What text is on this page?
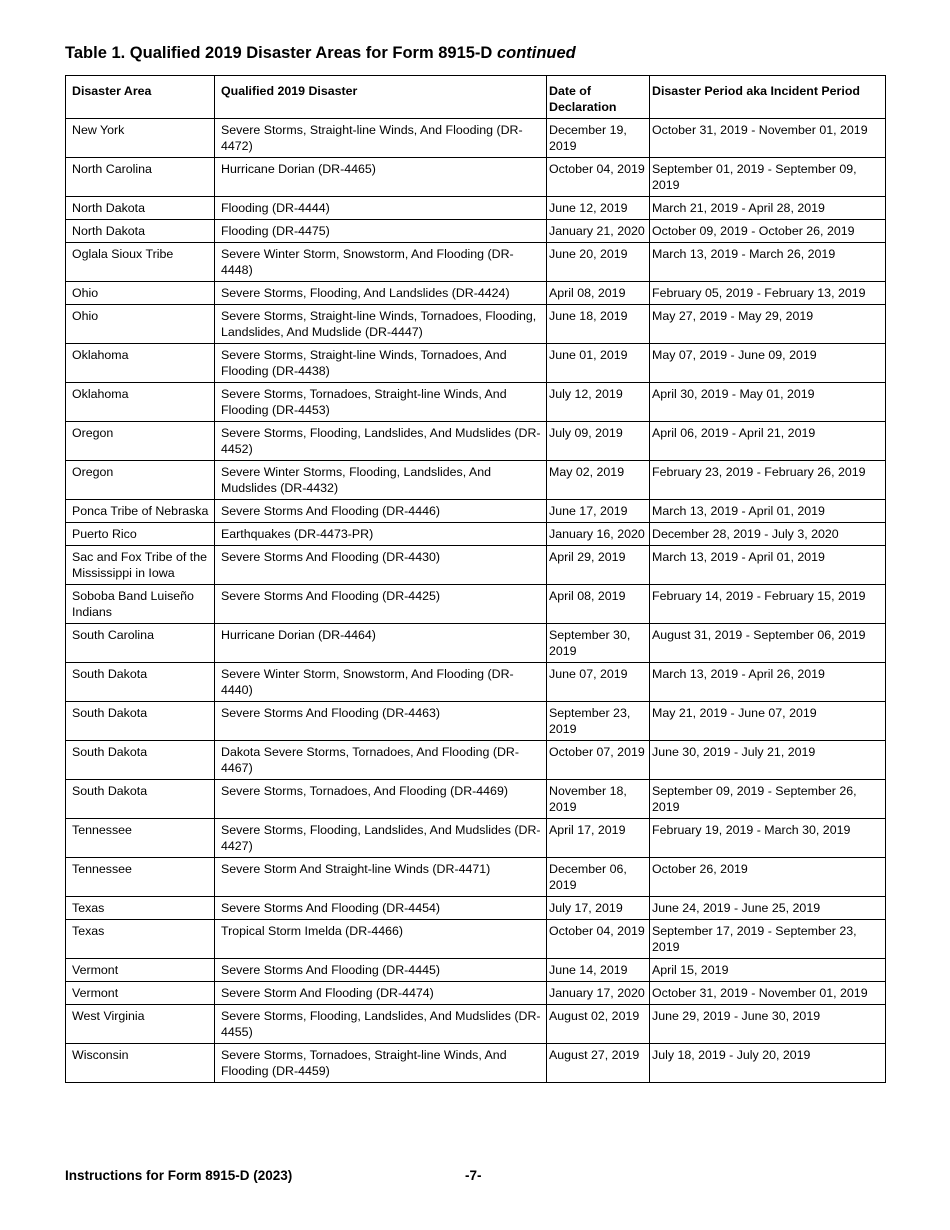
Table 1. Qualified 2019 Disaster Areas for Form 8915-D continued
Disaster Area	Qualified 2019 Disaster	Date of Declaration	Disaster Period aka Incident Period
New York	Severe Storms, Straight-line Winds, And Flooding (DR-4472)	December 19, 2019	October 31, 2019 - November 01, 2019
North Carolina	Hurricane Dorian (DR-4465)	October 04, 2019	September 01, 2019 - September 09, 2019
North Dakota	Flooding (DR-4444)	June 12, 2019	March 21, 2019 - April 28, 2019
North Dakota	Flooding (DR-4475)	January 21, 2020	October 09, 2019 - October 26, 2019
Oglala Sioux Tribe	Severe Winter Storm, Snowstorm, And Flooding (DR-4448)	June 20, 2019	March 13, 2019 - March 26, 2019
Ohio	Severe Storms, Flooding, And Landslides (DR-4424)	April 08, 2019	February 05, 2019 - February 13, 2019
Ohio	Severe Storms, Straight-line Winds, Tornadoes, Flooding, Landslides, And Mudslide (DR-4447)	June 18, 2019	May 27, 2019 - May 29, 2019
Oklahoma	Severe Storms, Straight-line Winds, Tornadoes, And Flooding (DR-4438)	June 01, 2019	May 07, 2019 - June 09, 2019
Oklahoma	Severe Storms, Tornadoes, Straight-line Winds, And Flooding (DR-4453)	July 12, 2019	April 30, 2019 - May 01, 2019
Oregon	Severe Storms, Flooding, Landslides, And Mudslides (DR-4452)	July 09, 2019	April 06, 2019 - April 21, 2019
Oregon	Severe Winter Storms, Flooding, Landslides, And Mudslides (DR-4432)	May 02, 2019	February 23, 2019 - February 26, 2019
Ponca Tribe of Nebraska	Severe Storms And Flooding (DR-4446)	June 17, 2019	March 13, 2019 - April 01, 2019
Puerto Rico	Earthquakes (DR-4473-PR)	January 16, 2020	December 28, 2019 - July 3, 2020
Sac and Fox Tribe of the Mississippi in Iowa	Severe Storms And Flooding (DR-4430)	April 29, 2019	March 13, 2019 - April 01, 2019
Soboba Band Luiseño Indians	Severe Storms And Flooding (DR-4425)	April 08, 2019	February 14, 2019 - February 15, 2019
South Carolina	Hurricane Dorian (DR-4464)	September 30, 2019	August 31, 2019 - September 06, 2019
South Dakota	Severe Winter Storm, Snowstorm, And Flooding (DR-4440)	June 07, 2019	March 13, 2019 - April 26, 2019
South Dakota	Severe Storms And Flooding (DR-4463)	September 23, 2019	May 21, 2019 - June 07, 2019
South Dakota	Dakota Severe Storms, Tornadoes, And Flooding (DR-4467)	October 07, 2019	June 30, 2019 - July 21, 2019
South Dakota	Severe Storms, Tornadoes, And Flooding (DR-4469)	November 18, 2019	September 09, 2019 - September 26, 2019
Tennessee	Severe Storms, Flooding, Landslides, And Mudslides (DR-4427)	April 17, 2019	February 19, 2019 - March 30, 2019
Tennessee	Severe Storm And Straight-line Winds (DR-4471)	December 06, 2019	October 26, 2019
Texas	Severe Storms And Flooding (DR-4454)	July 17, 2019	June 24, 2019 - June 25, 2019
Texas	Tropical Storm Imelda (DR-4466)	October 04, 2019	September 17, 2019 - September 23, 2019
Vermont	Severe Storms And Flooding (DR-4445)	June 14, 2019	April 15, 2019
Vermont	Severe Storm And Flooding (DR-4474)	January 17, 2020	October 31, 2019 - November 01, 2019
West Virginia	Severe Storms, Flooding, Landslides, And Mudslides (DR-4455)	August 02, 2019	June 29, 2019 - June 30, 2019
Wisconsin	Severe Storms, Tornadoes, Straight-line Winds, And Flooding (DR-4459)	August 27, 2019	July 18, 2019 - July 20, 2019
Instructions for Form 8915-D (2023)	-7-
